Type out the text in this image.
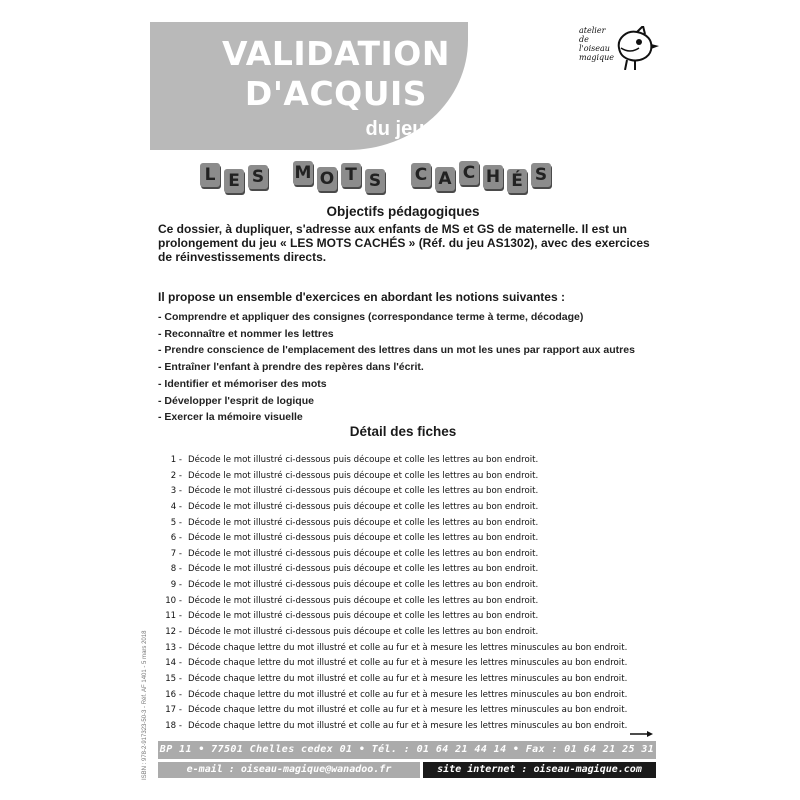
VALIDATION
D'ACQUIS
du jeu
atelier de l'oiseau magique
L E S M O T S C A C H É S
Objectifs pédagogiques
Ce dossier, à dupliquer, s'adresse aux enfants de MS et GS de maternelle. Il est un prolongement du jeu « LES MOTS CACHÉS » (Réf. du jeu AS1302), avec des exercices de réinvestissements directs.
Il propose un ensemble d'exercices en abordant les notions suivantes :
- Comprendre et appliquer des consignes (correspondance terme à terme, décodage)
- Reconnaître et nommer les lettres
- Prendre conscience de l'emplacement des lettres dans un mot les unes par rapport aux autres
- Entraîner l'enfant à prendre des repères dans l'écrit.
- Identifier et mémoriser des mots
- Développer l'esprit de logique
- Exercer la mémoire visuelle
Détail des fiches
1 - Décode le mot illustré ci-dessous puis découpe et colle les lettres au bon endroit.
2 - Décode le mot illustré ci-dessous puis découpe et colle les lettres au bon endroit.
3 - Décode le mot illustré ci-dessous puis découpe et colle les lettres au bon endroit.
4 - Décode le mot illustré ci-dessous puis découpe et colle les lettres au bon endroit.
5 - Décode le mot illustré ci-dessous puis découpe et colle les lettres au bon endroit.
6 - Décode le mot illustré ci-dessous puis découpe et colle les lettres au bon endroit.
7 - Décode le mot illustré ci-dessous puis découpe et colle les lettres au bon endroit.
8 - Décode le mot illustré ci-dessous puis découpe et colle les lettres au bon endroit.
9 - Décode le mot illustré ci-dessous puis découpe et colle les lettres au bon endroit.
10 - Décode le mot illustré ci-dessous puis découpe et colle les lettres au bon endroit.
11 - Décode le mot illustré ci-dessous puis découpe et colle les lettres au bon endroit.
12 - Décode le mot illustré ci-dessous puis découpe et colle les lettres au bon endroit.
13 - Décode chaque lettre du mot illustré et colle au fur et à mesure les lettres minuscules au bon endroit.
14 - Décode chaque lettre du mot illustré et colle au fur et à mesure les lettres minuscules au bon endroit.
15 - Décode chaque lettre du mot illustré et colle au fur et à mesure les lettres minuscules au bon endroit.
16 - Décode chaque lettre du mot illustré et colle au fur et à mesure les lettres minuscules au bon endroit.
17 - Décode chaque lettre du mot illustré et colle au fur et à mesure les lettres minuscules au bon endroit.
18 - Décode chaque lettre du mot illustré et colle au fur et à mesure les lettres minuscules au bon endroit.
ISBN : 978-2-917323-50-3 - Réf. AF 1401 - 5 mars 2018 BP 11 • 77501 Chelles cedex 01 • Tél. : 01 64 21 44 14 • Fax : 01 64 21 25 31
e-mail : oiseau-magique@wanadoo.fr	site internet : oiseau-magique.com
